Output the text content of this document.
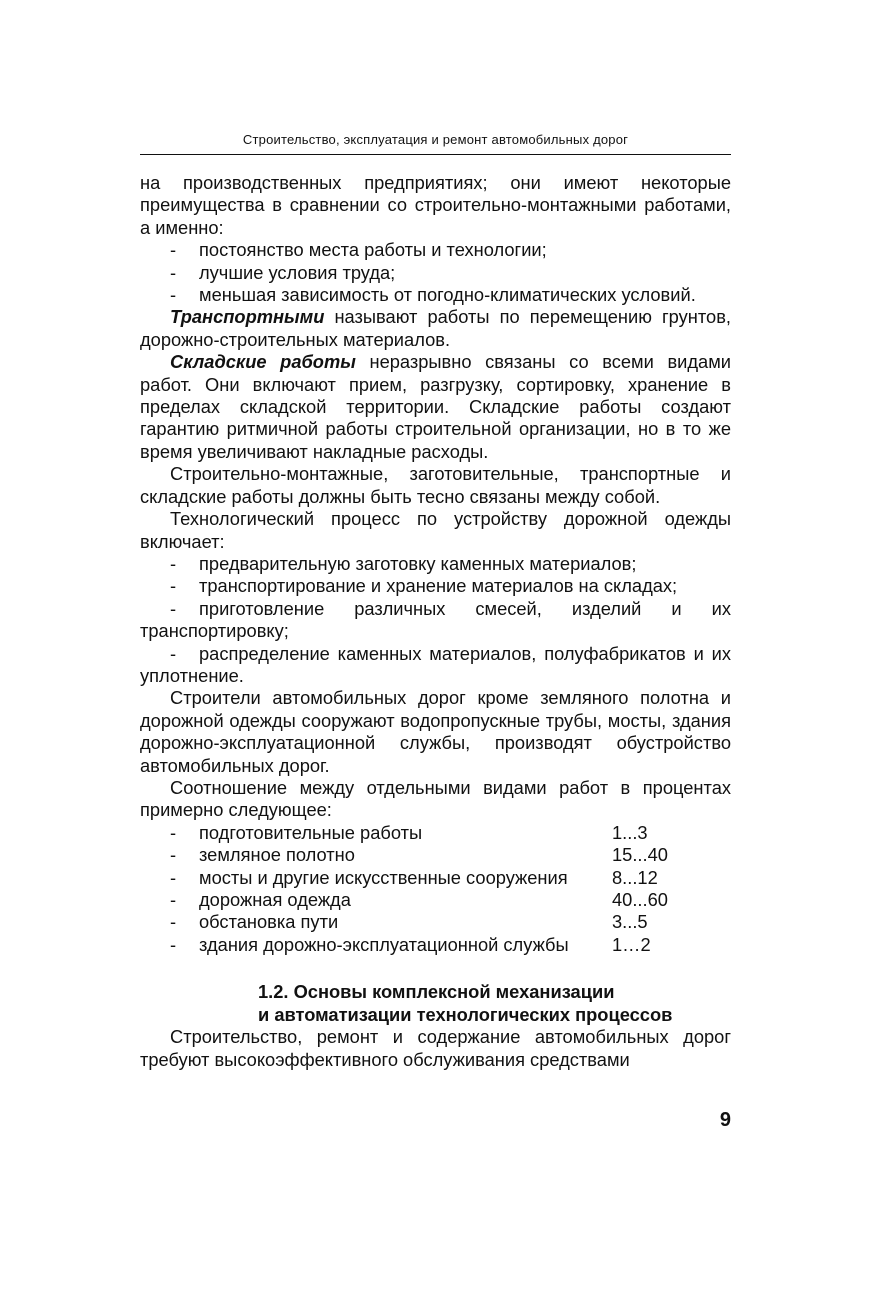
Строительство, эксплуатация и ремонт автомобильных дорог

на производственных предприятиях; они имеют некоторые преимущества в сравнении со строительно-монтажными работами, а именно:

- постоянство места работы и технологии;

- лучшие условия труда;

- меньшая зависимость от погодно-климатических условий.

Транспортными называют работы по перемещению грунтов, дорожно-строительных материалов.

Складские работы неразрывно связаны со всеми видами работ. Они включают прием, разгрузку, сортировку, хранение в пределах складской территории. Складские работы создают гарантию ритмичной работы строительной организации, но в то же время увеличивают накладные расходы.

Строительно-монтажные, заготовительные, транспортные и складские работы должны быть тесно связаны между собой.

Технологический процесс по устройству дорожной одежды включает:

- предварительную заготовку каменных материалов;

- транспортирование и хранение материалов на складах;

- приготовление различных смесей, изделий и их транспортировку;

- распределение каменных материалов, полуфабрикатов и их уплотнение.

Строители автомобильных дорог кроме земляного полотна и дорожной одежды сооружают водопропускные трубы, мосты, здания дорожно-эксплуатационной службы, производят обустройство автомобильных дорог.

Соотношение между отдельными видами работ в процентах примерно следующее:

-	подготовительные работы	1...3
-	земляное полотно	15...40
-	мосты и другие искусственные сооружения	8...12
-	дорожная одежда	40...60
-	обстановка пути	3...5
-	здания дорожно-эксплуатационной службы	1…2
1.2. Основы комплексной механизации
и автоматизации технологических процессов

Строительство, ремонт и содержание автомобильных дорог требуют высокоэффективного обслуживания средствами

9
